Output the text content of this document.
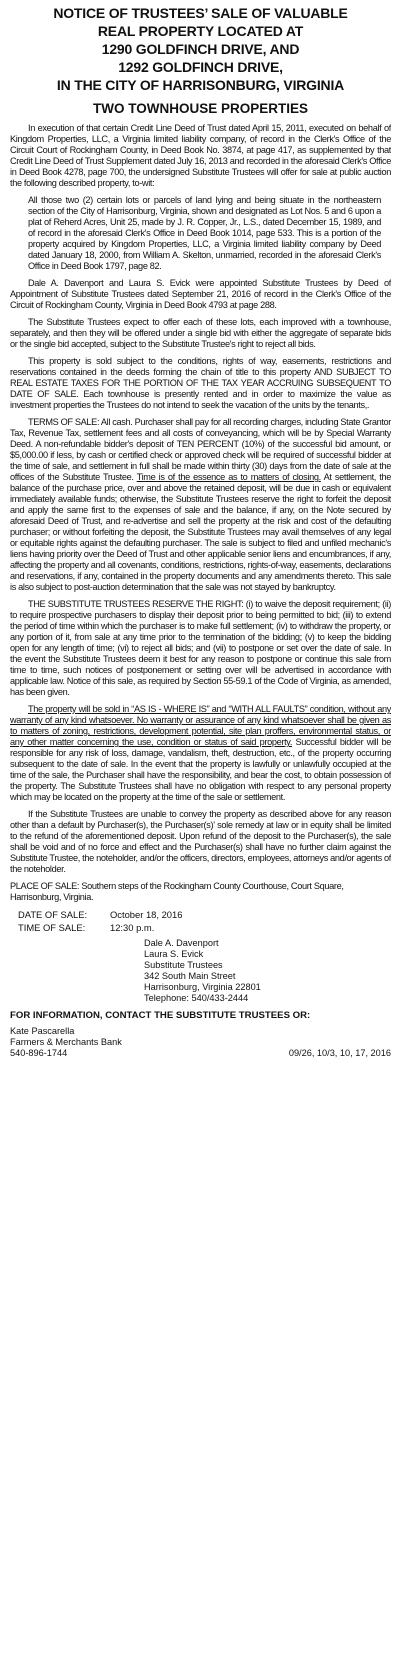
NOTICE OF TRUSTEES’ SALE OF VALUABLE
REAL PROPERTY LOCATED AT
1290 GOLDFINCH DRIVE, AND
1292 GOLDFINCH DRIVE,
IN THE CITY OF HARRISONBURG, VIRGINIA
TWO TOWNHOUSE PROPERTIES

In execution of that certain Credit Line Deed of Trust dated April 15, 2011, executed on behalf of Kingdom Properties, LLC, a Virginia limited liability company, of record in the Clerk's Office of the Circuit Court of Rockingham County, in Deed Book No. 3874, at page 417, as supplemented by that Credit Line Deed of Trust Supplement dated July 16, 2013 and recorded in the aforesaid Clerk's Office in Deed Book 4278, page 700, the undersigned Substitute Trustees will offer for sale at public auction the following described property, to-wit:

All those two (2) certain lots or parcels of land lying and being situate in the northeastern section of the City of Harrisonburg, Virginia, shown and designated as Lot Nos. 5 and 6 upon a plat of Reherd Acres, Unit 25, made by J. R. Copper, Jr., L.S., dated December 15, 1989, and of record in the aforesaid Clerk's Office in Deed Book 1014, page 533. This is a portion of the property acquired by Kingdom Properties, LLC, a Virginia limited liability company by Deed dated January 18, 2000, from William A. Skelton, unmarried, recorded in the aforesaid Clerk's Office in Deed Book 1797, page 82.

Dale A. Davenport and Laura S. Evick were appointed Substitute Trustees by Deed of Appointment of Substitute Trustees dated September 21, 2016 of record in the Clerk's Office of the Circuit of Rockingham County, Virginia in Deed Book 4793 at page 288.

The Substitute Trustees expect to offer each of these lots, each improved with a townhouse, separately, and then they will be offered under a single bid with either the aggregate of separate bids or the single bid accepted, subject to the Substitute Trustee's right to reject all bids.

This property is sold subject to the conditions, rights of way, easements, restrictions and reservations contained in the deeds forming the chain of title to this property AND SUBJECT TO REAL ESTATE TAXES FOR THE PORTION OF THE TAX YEAR ACCRUING SUBSEQUENT TO DATE OF SALE. Each townhouse is presently rented and in order to maximize the value as investment properties the Trustees do not intend to seek the vacation of the units by the tenants,.

TERMS OF SALE: All cash. Purchaser shall pay for all recording charges, including State Grantor Tax, Revenue Tax, settlement fees and all costs of conveyancing, which will be by Special Warranty Deed. A non-refundable bidder's deposit of TEN PERCENT (10%) of the successful bid amount, or $5,000.00 if less, by cash or certified check or approved check will be required of successful bidder at the time of sale, and settlement in full shall be made within thirty (30) days from the date of sale at the offices of the Substitute Trustee. Time is of the essence as to matters of closing. At settlement, the balance of the purchase price, over and above the retained deposit, will be due in cash or equivalent immediately available funds; otherwise, the Substitute Trustees reserve the right to forfeit the deposit and apply the same first to the expenses of sale and the balance, if any, on the Note secured by aforesaid Deed of Trust, and re-advertise and sell the property at the risk and cost of the defaulting purchaser; or without forfeiting the deposit, the Substitute Trustees may avail themselves of any legal or equitable rights against the defaulting purchaser. The sale is subject to filed and unfiled mechanic's liens having priority over the Deed of Trust and other applicable senior liens and encumbrances, if any, affecting the property and all covenants, conditions, restrictions, rights-of-way, easements, declarations and reservations, if any, contained in the property documents and any amendments thereto. This sale is also subject to post-auction determination that the sale was not stayed by bankruptcy.

THE SUBSTITUTE TRUSTEES RESERVE THE RIGHT: (i) to waive the deposit requirement; (ii) to require prospective purchasers to display their deposit prior to being permitted to bid; (iii) to extend the period of time within which the purchaser is to make full settlement; (iv) to withdraw the property, or any portion of it, from sale at any time prior to the termination of the bidding; (v) to keep the bidding open for any length of time; (vi) to reject all bids; and (vii) to postpone or set over the date of sale. In the event the Substitute Trustees deem it best for any reason to postpone or continue this sale from time to time, such notices of postponement or setting over will be advertised in accordance with applicable law. Notice of this sale, as required by Section 55-59.1 of the Code of Virginia, as amended, has been given.

The property will be sold in “AS IS - WHERE IS” and “WITH ALL FAULTS” condition, without any warranty of any kind whatsoever. No warranty or assurance of any kind whatsoever shall be given as to matters of zoning, restrictions, development potential, site plan proffers, environmental status, or any other matter concerning the use, condition or status of said property. Successful bidder will be responsible for any risk of loss, damage, vandalism, theft, destruction, etc., of the property occurring subsequent to the date of sale. In the event that the property is lawfully or unlawfully occupied at the time of the sale, the Purchaser shall have the responsibility, and bear the cost, to obtain possession of the property. The Substitute Trustees shall have no obligation with respect to any personal property which may be located on the property at the time of the sale or settlement.

If the Substitute Trustees are unable to convey the property as described above for any reason other than a default by Purchaser(s), the Purchaser(s)' sole remedy at law or in equity shall be limited to the refund of the aforementioned deposit. Upon refund of the deposit to the Purchaser(s), the sale shall be void and of no force and effect and the Purchaser(s) shall have no further claim against the Substitute Trustee, the noteholder, and/or the officers, directors, employees, attorneys and/or agents of the noteholder.

PLACE OF SALE: Southern steps of the Rockingham County Courthouse, Court Square, Harrisonburg, Virginia.

DATE OF SALE:	October 18, 2016
TIME OF SALE:	12:30 p.m.
Dale A. Davenport
Laura S. Evick
Substitute Trustees
342 South Main Street
Harrisonburg, Virginia 22801
Telephone: 540/433-2444
FOR INFORMATION, CONTACT THE SUBSTITUTE TRUSTEES OR:
Kate Pascarella
Farmers & Merchants Bank
540-896-1744	09/26, 10/3, 10, 17, 2016
